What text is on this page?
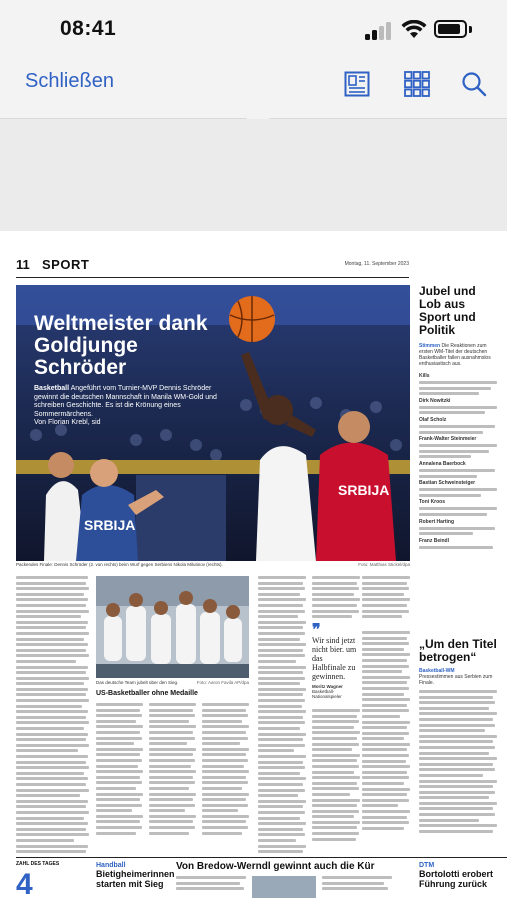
08:41
Schließen
11 SPORT	Montag, 11. September 2023
SRBIJA
SRBIJA
Weltmeister dank Goldjunge Schröder
Basketball Angeführt vom Turnier-MVP Dennis Schröder gewinnt die deutschen Mannschaft in Manila WM-Gold und schreiben Geschichte. Es ist die Krönung eines Sommermärchens.
Von Florian Krebl, sid
Packendes Finale: Dennis Schröder (2. von rechts) beim Wurf gegen Serbiens Nikola Milutinov (rechts).	Foto: Matthias Stickel/dpa
Jubel und Lob aus Sport und Politik
Stimmen Die Reaktionen zum ersten WM-Titel der deutschen Basketballer fallen ausnahmslos enthusiastisch aus.
Kills
Dirk Nowitzki
Olaf Scholz
Frank-Walter Steinmeier
Annalena Baerbock
Bastian Schweinsteiger
Toni Kroos
Robert Harting
Franz Beindl
Das deutsche Team jubelt über den Sieg.	Foto: Aaron Favila AP/dpa
US-Basketballer ohne Medaille
❞
Wir sind jetzt nicht bier. um das Halbfinale zu gewinnen.
Moritz Wagner
Basketball-Nationalspieler
„Um den Titel betrogen“
Basketball-WM
Pressestimmen aus Serbien zum Finale.
ZAHL DES TAGES
4
Handball
Bietigheimerinnen starten mit Sieg
Von Bredow-Werndl gewinnt auch die Kür	DTM
Bortolotti erobert Führung zurück
